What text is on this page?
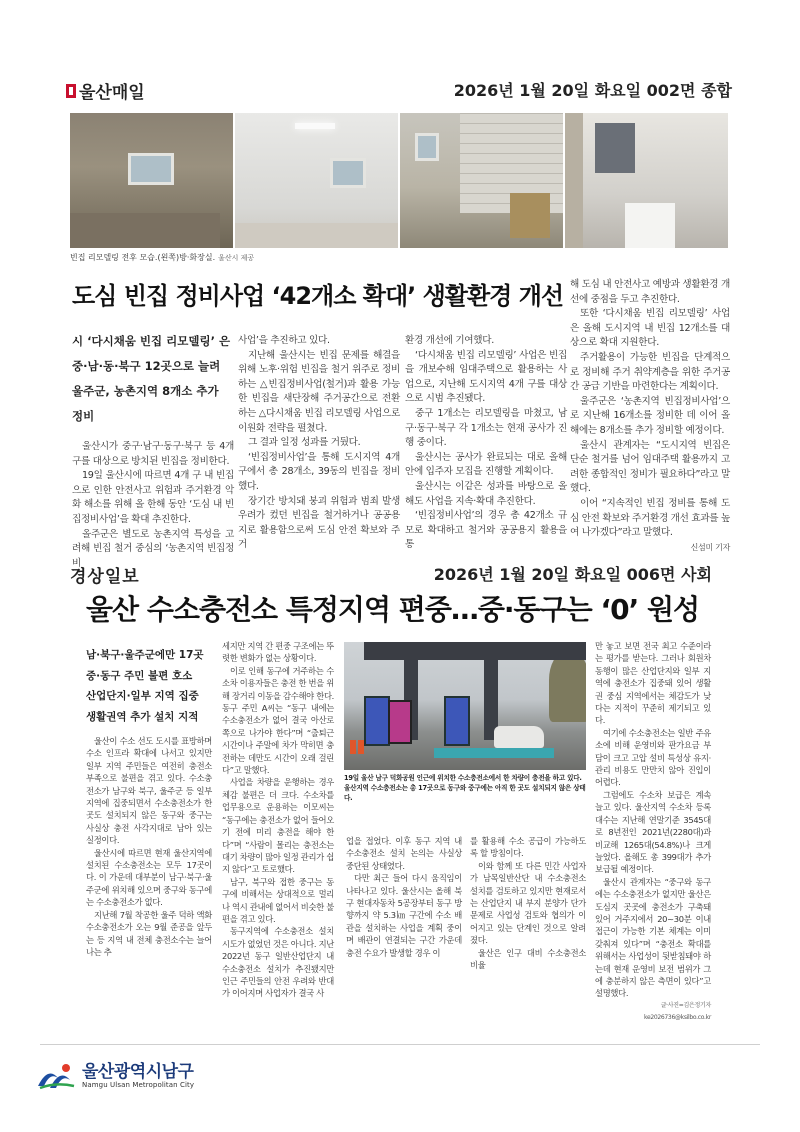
울산매일	2026년 1월 20일 화요일 002면 종합
빈집 리모델링 전후 모습.(왼쪽)방·화장실. 울산시 제공
도심 빈집 정비사업 ‘42개소 확대’ 생활환경 개선
시 ‘다시채움 빈집 리모델링’ 은
중·남·동·북구 12곳으로 늘려
울주군, 농촌지역 8개소 추가 정비

울산시가 중구·남구·동구·북구 등 4개 구를 대상으로 방치된 빈집을 정비한다.

19일 울산시에 따르면 4개 구 내 빈집으로 인한 안전사고 위험과 주거환경 악화 해소를 위해 올 한해 동안 ‘도심 내 빈집정비사업’을 확대 추진한다.

올주군은 별도로 농촌지역 특성을 고려해 빈집 철거 중심의 ‘농촌지역 빈집정비

사업’을 추진하고 있다.

지난해 울산시는 빈집 문제를 해결을 위해 노후·위험 빈집을 철거 위주로 정비하는 △빈집정비사업(철거)과 활용 가능한 빈집을 새단장해 주거공간으로 전환하는 △다시채움 빈집 리모델링 사업으로 이원화 전략을 펼쳤다.

그 결과 일정 성과를 거뒀다.

‘빈집정비사업’을 통해 도시지역 4개 구에서 총 28개소, 39동의 빈집을 정비했다.

장기간 방치돼 붕괴 위험과 범죄 발생 우려가 컸던 빈집을 철거하거나 공공용지로 활용함으로써 도심 안전 확보와 주거

환경 개선에 기여했다.

‘다시채움 빈집 리모델링’ 사업은 빈집을 개보수해 임대주택으로 활용하는 사업으로, 지난해 도시지역 4개 구를 대상으로 시범 추진됐다.

중구 1개소는 리모델링을 마쳤고, 남구·동구·북구 각 1개소는 현재 공사가 진행 중이다.

울산시는 공사가 완료되는 대로 올해 안에 입주자 모집을 진행할 계획이다.

울산시는 이같은 성과를 바탕으로 올해도 사업을 지속·확대 추진한다.

‘빈집정비사업’의 경우 총 42개소 규모로 확대하고 철거와 공공용지 활용을 통

해 도심 내 안전사고 예방과 생활환경 개선에 중점을 두고 추진한다.

또한 ‘다시채움 빈집 리모델링’ 사업은 올해 도시지역 내 빈집 12개소를 대상으로 확대 지원한다.

주거활용이 가능한 빈집을 단계적으로 정비해 주거 취약계층을 위한 주거공간 공급 기반을 마련한다는 계획이다.

울주군은 ‘농촌지역 빈집정비사업’으로 지난해 16개소를 정비한 데 이어 올해에는 8개소를 추가 정비할 예정이다.

울산시 관계자는 “도시지역 빈집은 단순 철거를 넘어 임대주택 활용까지 고려한 종합적인 정비가 필요하다”라고 말했다.

이어 “지속적인 빈집 정비를 통해 도심 안전 확보와 주거환경 개선 효과를 높여 나가겠다”라고 말했다.

신섬미 기자
경상일보	2026년 1월 20일 화요일 006면 사회
울산 수소충전소 특정지역 편중…중·동구는 ‘0’ 원성
남·북구·울주군에만 17곳
중·동구 주민 불편 호소
산업단지·일부 지역 집중
생활권역 추가 설치 지적

울산이 수소 선도 도시를 표방하며 수소 인프라 확대에 나서고 있지만 일부 지역 주민들은 여전히 충전소 부족으로 불편을 겪고 있다. 수소충전소가 남구와 북구, 울주군 등 일부 지역에 집중되면서 수소충전소가 한 곳도 설치되지 않은 동구와 중구는 사실상 충전 사각지대로 남아 있는 실정이다.

울산시에 따르면 현재 울산지역에 설치된 수소충전소는 모두 17곳이다. 이 가운데 대부분이 남구·북구·울주군에 위치해 있으며 중구와 동구에는 수소충전소가 없다.

지난해 7월 착공한 울주 덕하 액화수소충전소가 오는 9월 준공을 앞두는 등 지역 내 전체 충전소수는 늘어나는 추

세지만 지역 간 편중 구조에는 뚜렷한 변화가 없는 상황이다.

이로 인해 동구에 거주하는 수소차 이용자들은 충전 한 번을 위해 장거리 이동을 감수해야 한다. 동구 주민 A씨는 “동구 내에는 수소충전소가 없어 결국 아산로 쪽으로 나가야 한다”며 “출퇴근 시간이나 주말에 차가 막히면 충전하는 데만도 시간이 오래 걸린다”고 말했다.

사업을 차량을 운행하는 경우 체감 불편은 더 크다. 수소차를 업무용으로 운용하는 이모씨는 “동구에는 충전소가 없어 들어오기 전에 미리 충전을 해야 한다”며 “사람이 몰리는 충전소는 대기 차량이 많아 일정 관리가 쉽지 않다”고 토로했다.

남구, 북구와 접한 중구는 동구에 비해서는 상대적으로 멀리나 역시 관내에 없어서 비슷한 불편을 겪고 있다.

동구지역에 수소충전소 설치 시도가 없었던 것은 아니다. 지난 2022년 동구 일반산업단지 내 수소충전소 설치가 추진됐지만 인근 주민들의 안전 우려와 반대가 이어지며 사업자가 결국 사

19일 울산 남구 덕화공원 인근에 위치한 수소충전소에서 한 차량이 충전을 하고 있다. 울산지역 수소충전소는 총 17곳으로 동구와 중구에는 아직 한 곳도 설치되지 않은 상태다.

업을 접었다. 이후 동구 지역 내 수소충전소 설치 논의는 사실상 중단된 상태였다.

다만 최근 들어 다시 움직임이 나타나고 있다. 울산시는 올해 북구 현대자동차 5공장부터 동구 방향까지 약 5.3㎞ 구간에 수소 배관을 설치하는 사업을 계획 중이며 배관이 연결되는 구간 가운데 충전 수요가 발생할 경우 이

를 활용해 수소 공급이 가능하도록 할 방침이다.

이와 함께 또 다른 민간 사업자가 남목일반산단 내 수소충전소 설치를 검토하고 있지만 현재로서는 산업단지 내 부지 분양가 단가 문제로 사업성 검토와 협의가 이어지고 있는 단계인 것으로 알려졌다.

울산은 인구 대비 수소충전소 비율

만 놓고 보면 전국 최고 수준이라는 평가를 받는다. 그러나 회원차 동행이 많은 산업단지와 일부 지역에 충전소가 집중돼 있어 생활권 중심 지역에서는 체감도가 낮다는 지적이 꾸준히 제기되고 있다.

여기에 수소충전소는 일반 주유소에 비해 운영비와 판가요금 부담이 크고 고압 설비 특성상 유지·관리 비용도 만만치 않아 진입이 어렵다.

그럼에도 수소차 보급은 계속 늘고 있다. 울산지역 수소차 등록 대수는 지난해 연말기준 3545대로 8년전인 2021년(2280대)과 비교해 1265대(54.8%)나 크게 늘었다. 올해도 총 399대가 추가 보급될 예정이다.

울산시 관계자는 “중구와 동구에는 수소충전소가 없지만 울산은 도심지 곳곳에 충전소가 구축돼 있어 거주지에서 20~30분 이내 접근이 가능한 기본 체계는 이미 갖춰져 있다”며 “충전소 확대를 위해서는 사업성이 뒷받침돼야 하는데 현재 운영비 보전 범위가 그에 충분하지 않은 측면이 있다”고 설명했다.

글·사진=김은정기자 ke2026736@ksilbo.co.kr
울산광역시남구
Namgu Ulsan Metropolitan City
